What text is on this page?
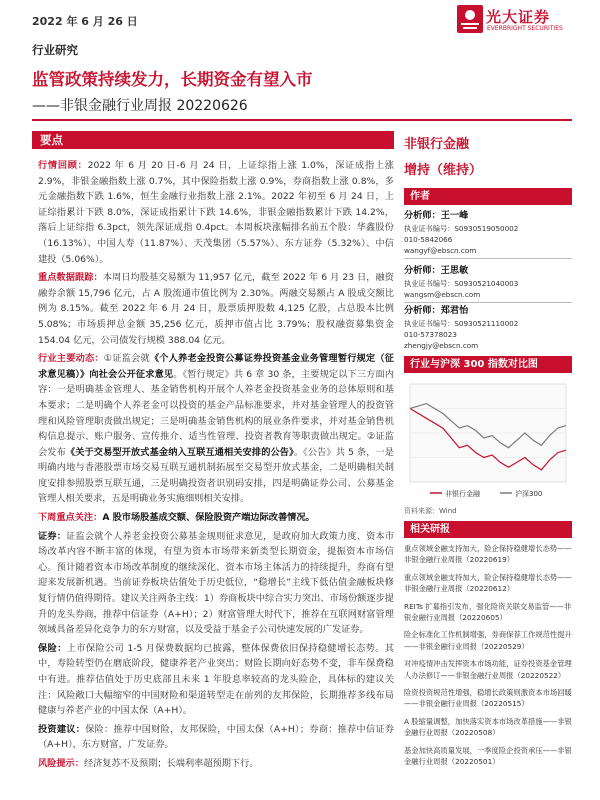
2022 年 6 月 26 日	光大证券
EVERBRIGHT SECURITIES
行业研究
监管政策持续发力，长期资金有望入市
——非银金融行业周报 20220626
要点

行情回顾：2022 年 6 月 20 日-6 月 24 日，上证综指上涨 1.0%，深证成指上涨 2.9%，非银金融指数上涨 0.7%，其中保险指数上涨 0.9%，券商指数上涨 0.8%，多元金融指数下跌 1.6%，恒生金融行业指数上涨 2.1%。2022 年初至 6 月 24 日，上证综指累计下跌 8.0%，深证成指累计下跌 14.6%，非银金融指数累计下跌 14.2%，落后上证综指 6.3pct，领先深证成指 0.4pct。本周板块涨幅排名前五个股：华鑫股份（16.13%）、中国人寿（11.87%）、天茂集团（5.57%）、东方证券（5.32%）、中信建投（5.06%）。

重点数据跟踪：本周日均股基交易额为 11,957 亿元，截至 2022 年 6 月 23 日，融资融券余额 15,796 亿元，占 A 股流通市值比例为 2.30%。两融交易额占 A 股成交额比例为 8.15%。截至 2022 年 6 月 24 日，股票质押股数 4,125 亿股，占总股本比例 5.08%；市场质押总金额 35,256 亿元，质押市值占比 3.79%；股权融资募集资金 154.04 亿元，公司债发行规模 388.04 亿元。

行业主要动态：①证监会就《个人养老金投资公募证券投资基金业务管理暂行规定（征求意见稿）》向社会公开征求意见。《暂行规定》共 6 章 30 条，主要规定以下三方面内容：一是明确基金管理人、基金销售机构开展个人养老金投资基金业务的总体原则和基本要求；二是明确个人养老金可以投资的基金产品标准要求，并对基金管理人的投资管理和风险管理职责做出规定；三是明确基金销售机构的展业条件要求，并对基金销售机构信息提示、账户服务、宣传推介、适当性管理、投资者教育等职责做出规定。②证监会发布《关于交易型开放式基金纳入互联互通相关安排的公告》。《公告》共 5 条，一是明确内地与香港股票市场交易互联互通机制拓展至交易型开放式基金，二是明确相关制度安排参照股票互联互通，三是明确投资者识别码安排，四是明确证券公司、公募基金管理人相关要求，五是明确业务实施细则相关安排。

下周重点关注：A 股市场股基成交额、保险股资产端边际改善情况。

证券：证监会就个人养老金投资公募基金规则征求意见，是政府加大政策力度、资本市场改革内容不断丰富的体现，有望为资本市场带来新类型长期资金，提振资本市场信心。预计随着资本市场改革制度的继续深化、资本市场主体活力的持续提升，券商有望迎来发展新机遇。当前证券板块估值处于历史低位，“稳增长”主线下低估值金融板块修复行情仍值得期待。建议关注两条主线：1）券商板块中综合实力突出、市场份额逐步提升的龙头券商，推荐中信证券（A+H）；2）财富管理大时代下，推荐在互联网财富管理领域具备差异化竞争力的东方财富，以及受益于基金子公司快速发展的广发证券。

保险：上市保险公司 1-5 月保费数据均已披露，整体保费依旧保持稳健增长态势。其中，寿险转型仍在磨底阶段，健康养老产业突出；财险长期向好态势不变，非车保费稳中有进。推荐估值处于历史底部且未来 1 年股息率较高的龙头险企，具体标的建议关注：风险敞口大幅缩窄的中国财险和渠道转型走在前列的友邦保险，长期推荐多线布局健康与养老产业的中国太保（A+H）。

投资建议：保险：推荐中国财险，友邦保险，中国太保（A+H）；券商：推荐中信证券（A+H），东方财富，广发证券。

风险提示：经济复苏不及预期；长端利率超预期下行。

非银行金融
增持（维持）
作者
分析师：王一峰
执业证书编号：S0930519050002
010-5842066
wangyf@ebscn.com
分析师：王思敏
执业证书编号：S0930521040003
wangsm@ebscn.com
分析师：郑君怡
执业证书编号：S0930521110002
010-57378023
zhengjy@ebscn.com
行业与沪深 300 指数对比图
非银行金融	沪深300
资料来源：Wind
相关研报
重点领域金融支持加大，险企保持稳健增长态势——非银金融行业周报（20220619）
重点领域金融支持加大，险企保持稳健增长态势——非银金融行业周报（20220612）
REITs 扩募指引发布，强化险资关联交易监管——非银金融行业周报（20220605）
险企标准化工作机制增强，券商保荐工作规范性提升——非银金融行业周报（20220529）
对冲疫情冲击发挥资本市场功能，证券投资基金管理人办法修订——非银金融行业周报（20220522）
险资投资规范性增强，稳增长政策则激资本市场回暖——非银金融行业周报（20220515）
A 股缩量调整，加快落实资本市场改革措施——非银金融行业周报（20220508）
基金加快高质量发展，一季度险企投资承压——非银金融行业周报（20220501）
